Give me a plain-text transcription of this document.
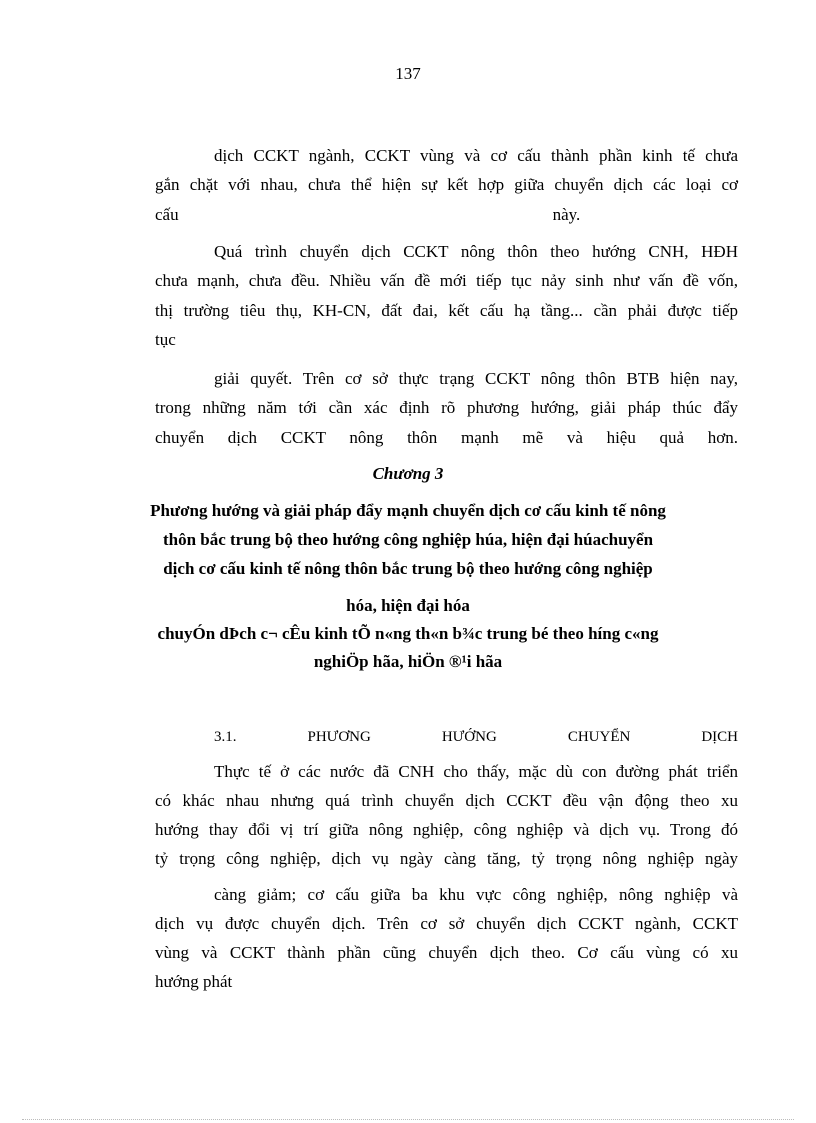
137
dịch CCKT ngành, CCKT vùng và cơ cấu thành phần kinh tế chưa
gắn chặt với nhau, chưa thể hiện sự kết hợp giữa chuyển dịch các loại cơ
cấu                                                                                        này.
Quá trình chuyển dịch CCKT nông thôn theo hướng CNH, HĐH
chưa mạnh, chưa đều. Nhiều vấn đề mới tiếp tục nảy sinh như vấn đề vốn,
thị trường tiêu thụ, KH-CN, đất đai, kết cấu hạ tầng... cần phải được tiếp
tục
giải quyết. Trên cơ sở thực trạng CCKT nông thôn BTB hiện nay,
trong những năm tới cần xác định rõ phương hướng, giải pháp thúc đẩy
chuyển dịch CCKT nông thôn mạnh mẽ và hiệu quả hơn.
Chương 3
Phương hướng và giải pháp đẩy mạnh chuyển dịch cơ cấu kinh tế nông
thôn bắc trung bộ theo hướng công nghiệp húa, hiện đại húachuyển
dịch cơ cấu kinh tế nông thôn bắc trung bộ theo hướng công nghiệp
hóa, hiện đại hóa
chuyÓn dÞch c¬ cÊu kinh tÕ n«ng th«n b¾c trung bé theo híng c«ng
nghiÖp hãa, hiÖn ®¹i hãa
3.1. PHƯƠNG HƯỚNG CHUYỂN DỊCH
Thực tế ở các nước đã CNH cho thấy, mặc dù con đường phát triển
có khác nhau nhưng quá trình chuyển dịch CCKT đều vận động theo xu
hướng thay đổi vị trí giữa nông nghiệp, công nghiệp và dịch vụ. Trong đó
tỷ trọng công nghiệp, dịch vụ ngày càng tăng, tỷ trọng nông nghiệp ngày
càng giảm; cơ cấu giữa ba khu vực công nghiệp, nông nghiệp và
dịch vụ được chuyển dịch. Trên cơ sở chuyển dịch CCKT ngành, CCKT
vùng và CCKT thành phần cũng chuyển dịch theo. Cơ cấu vùng có xu
hướng phát
